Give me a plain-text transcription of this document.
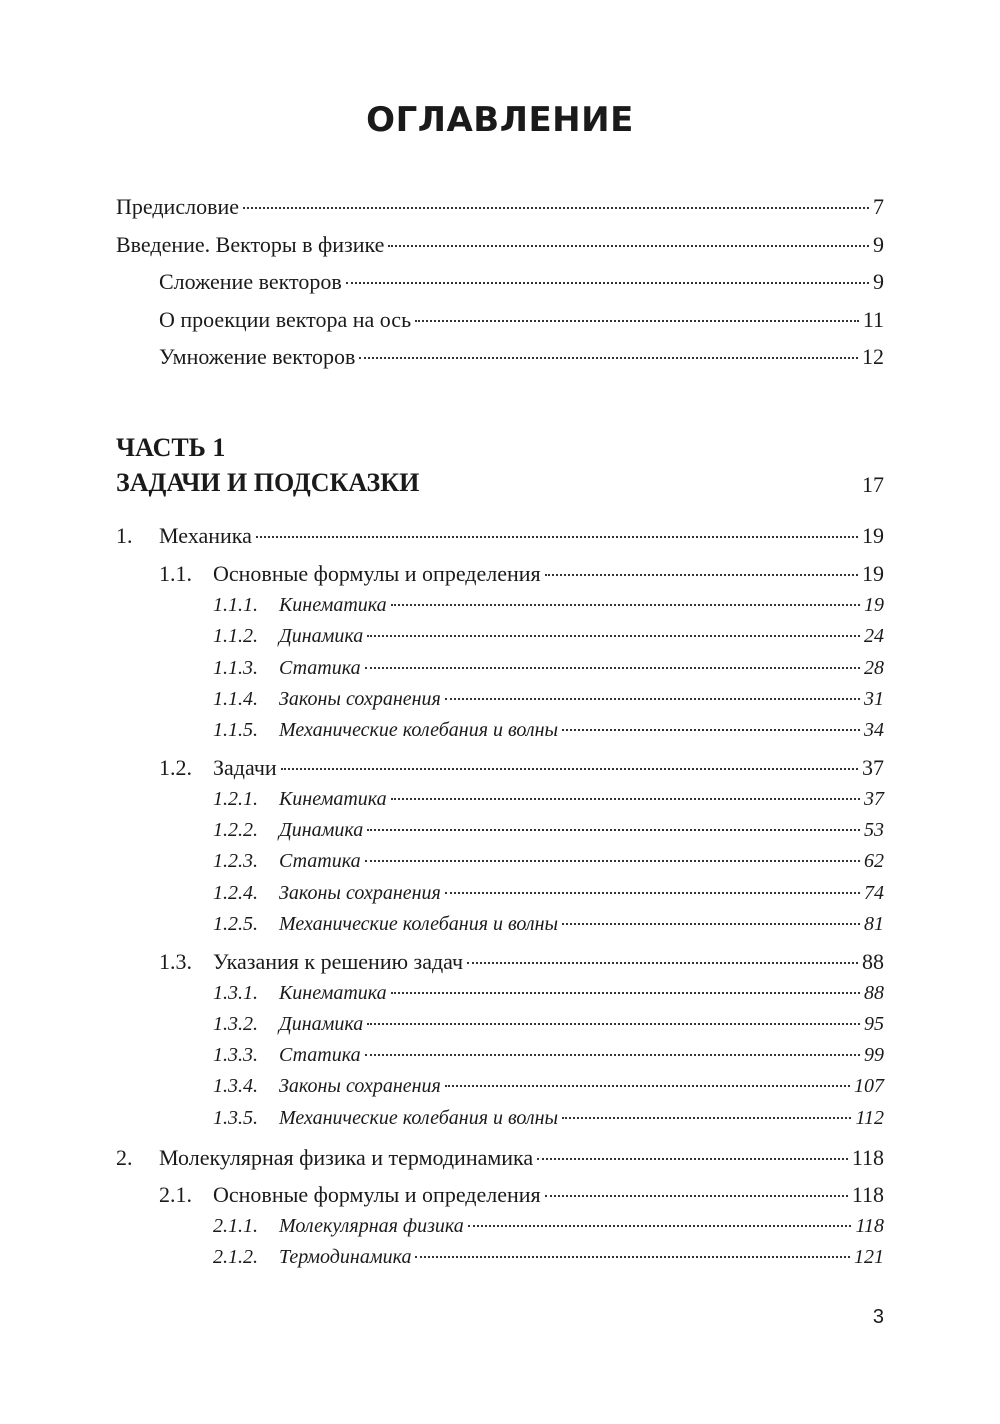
ОГЛАВЛЕНИЕ
Предисловие	7
Введение. Векторы в физике	9
Сложение векторов	9
О проекции вектора на ось	11
Умножение векторов	12
ЧАСТЬ 1
ЗАДАЧИ И ПОДСКАЗКИ	17
1.	Механика	19
1.1. Основные формулы и определения	19
1.1.1.	Кинематика	19
1.1.2.	Динамика	24
1.1.3.	Статика	28
1.1.4.	Законы сохранения	31
1.1.5.	Механические колебания и волны	34
1.2. Задачи	37
1.2.1.	Кинематика	37
1.2.2.	Динамика	53
1.2.3.	Статика	62
1.2.4.	Законы сохранения	74
1.2.5.	Механические колебания и волны	81
1.3. Указания к решению задач	88
1.3.1.	Кинематика	88
1.3.2.	Динамика	95
1.3.3.	Статика	99
1.3.4.	Законы сохранения	107
1.3.5.	Механические колебания и волны	112
2.	Молекулярная физика и термодинамика	118
2.1. Основные формулы и определения	118
2.1.1.	Молекулярная физика	118
2.1.2.	Термодинамика	121
3
